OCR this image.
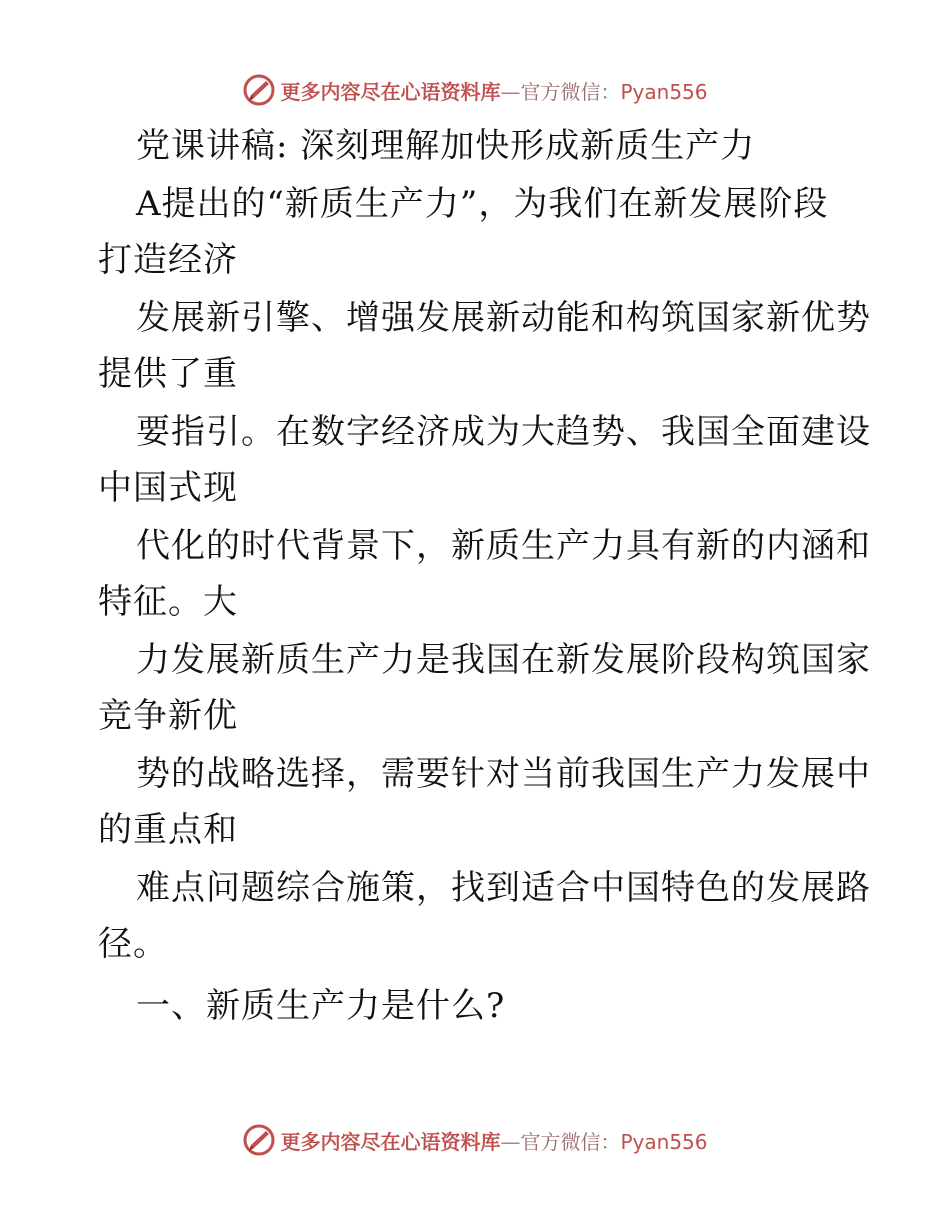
更多内容尽在心语资料库—官方微信：Pyan556
党课讲稿: 深刻理解加快形成新质生产力
A提出的“新质生产力”，为我们在新发展阶段
打造经济
发展新引擎、增强发展新动能和构筑国家新优势
提供了重
要指引。在数字经济成为大趋势、我国全面建设
中国式现
代化的时代背景下，新质生产力具有新的内涵和
特征。大
力发展新质生产力是我国在新发展阶段构筑国家
竞争新优
势的战略选择，需要针对当前我国生产力发展中
的重点和
难点问题综合施策，找到适合中国特色的发展路
径。
一、新质生产力是什么?
更多内容尽在心语资料库—官方微信：Pyan556
